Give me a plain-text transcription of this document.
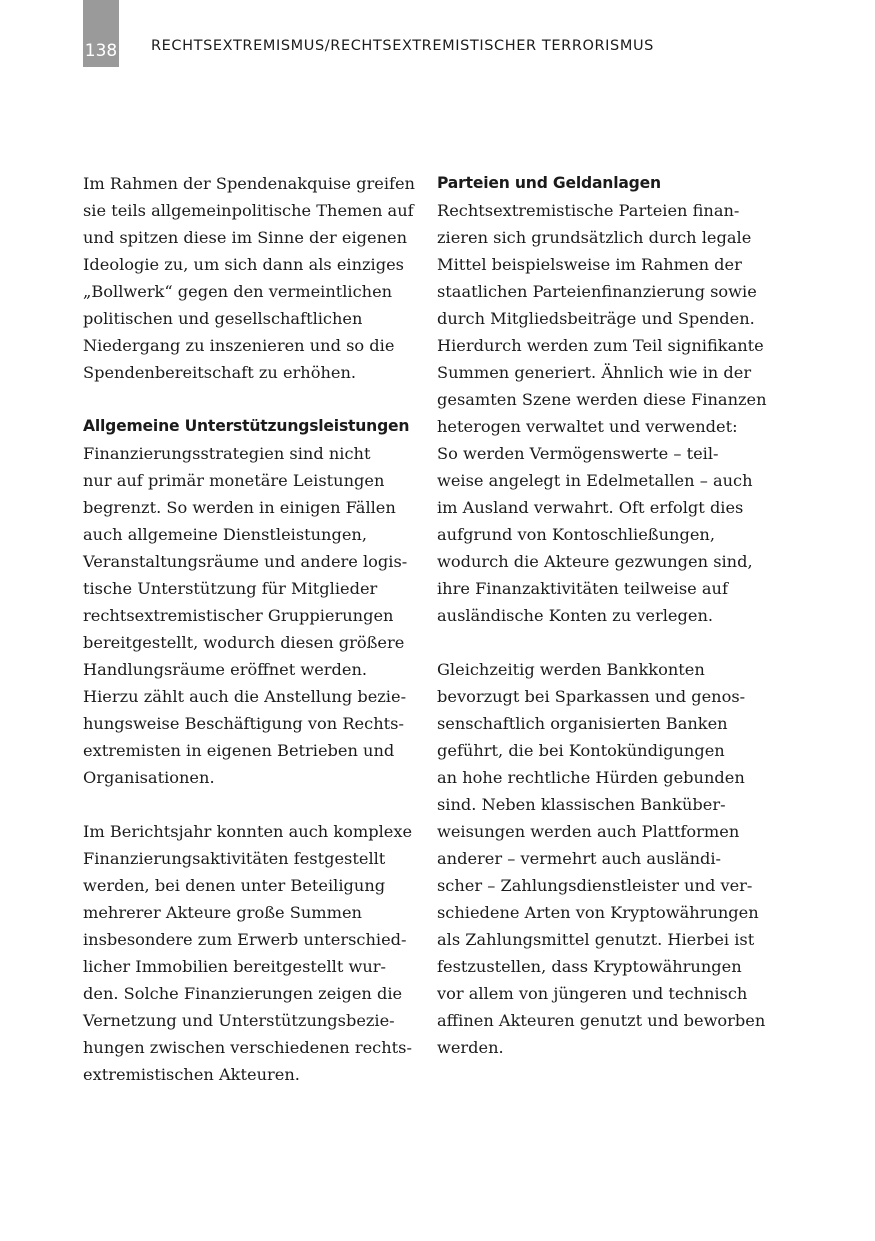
138 RECHTSEXTREMISMUS/RECHTSEXTREMISTISCHER TERRORISMUS
Im Rahmen der Spendenakquise greifen
sie teils allgemeinpolitische Themen auf
und spitzen diese im Sinne der eigenen
Ideologie zu, um sich dann als einziges
„Bollwerk“ gegen den vermeintlichen
politischen und gesellschaftlichen
Niedergang zu inszenieren und so die
Spendenbereitschaft zu erhöhen.
Allgemeine Unterstützungsleistungen
Finanzierungsstrategien sind nicht
nur auf primär monetäre Leistungen
begrenzt. So werden in einigen Fällen
auch allgemeine Dienstleistungen,
Veranstaltungsräume und andere logis-
tische Unterstützung für Mitglieder
rechtsextremistischer Gruppierungen
bereitgestellt, wodurch diesen größere
Handlungsräume eröffnet werden.
Hierzu zählt auch die Anstellung bezie-
hungsweise Beschäftigung von Rechts-
extremisten in eigenen Betrieben und
Organisationen.
Im Berichtsjahr konnten auch komplexe
Finanzierungsaktivitäten festgestellt
werden, bei denen unter Beteiligung
mehrerer Akteure große Summen
insbesondere zum Erwerb unterschied-
licher Immobilien bereitgestellt wur-
den. Solche Finanzierungen zeigen die
Vernetzung und Unterstützungsbezie-
hungen zwischen verschiedenen rechts-
extremistischen Akteuren.
Parteien und Geldanlagen
Rechtsextremistische Parteien finan-
zieren sich grundsätzlich durch legale
Mittel beispielsweise im Rahmen der
staatlichen Parteienfinanzierung sowie
durch Mitgliedsbeiträge und Spenden.
Hierdurch werden zum Teil signifikante
Summen generiert. Ähnlich wie in der
gesamten Szene werden diese Finanzen
heterogen verwaltet und verwendet:
So werden Vermögenswerte – teil-
weise angelegt in Edelmetallen – auch
im Ausland verwahrt. Oft erfolgt dies
aufgrund von Kontoschließungen,
wodurch die Akteure gezwungen sind,
ihre Finanzaktivitäten teilweise auf
ausländische Konten zu verlegen.
Gleichzeitig werden Bankkonten
bevorzugt bei Sparkassen und genos-
senschaftlich organisierten Banken
geführt, die bei Kontokündigungen
an hohe rechtliche Hürden gebunden
sind. Neben klassischen Banküber-
weisungen werden auch Plattformen
anderer – vermehrt auch ausländi-
scher – Zahlungsdienstleister und ver-
schiedene Arten von Kryptowährungen
als Zahlungsmittel genutzt. Hierbei ist
festzustellen, dass Kryptowährungen
vor allem von jüngeren und technisch
affinen Akteuren genutzt und beworben
werden.
